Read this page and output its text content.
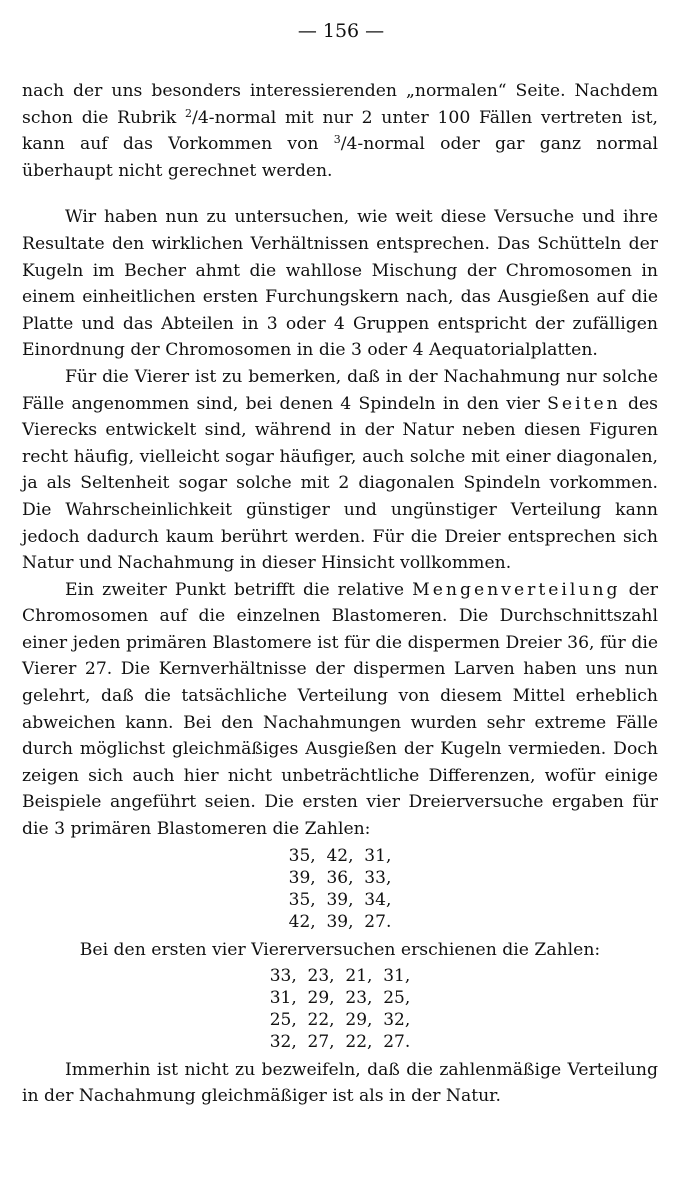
— 156 —

nach der uns besonders interessierenden „normalen“ Seite. Nachdem schon die Rubrik $^2$/4-normal mit nur 2 unter 100 Fällen vertreten ist, kann auf das Vorkommen von $^3$/4-normal oder gar ganz normal überhaupt nicht gerechnet werden.

Wir haben nun zu untersuchen, wie weit diese Versuche und ihre Resultate den wirklichen Verhältnissen entsprechen. Das Schütteln der Kugeln im Becher ahmt die wahllose Mischung der Chromosomen in einem einheitlichen ersten Furchungskern nach, das Ausgießen auf die Platte und das Abteilen in 3 oder 4 Gruppen entspricht der zufälligen Einordnung der Chromosomen in die 3 oder 4 Aequatorialplatten.

Für die Vierer ist zu bemerken, daß in der Nachahmung nur solche Fälle angenommen sind, bei denen 4 Spindeln in den vier Seiten des Vierecks entwickelt sind, während in der Natur neben diesen Figuren recht häufig, vielleicht sogar häufiger, auch solche mit einer diagonalen, ja als Seltenheit sogar solche mit 2 diagonalen Spindeln vorkommen. Die Wahrscheinlichkeit günstiger und ungünstiger Verteilung kann jedoch dadurch kaum berührt werden. Für die Dreier entsprechen sich Natur und Nachahmung in dieser Hinsicht vollkommen.

Ein zweiter Punkt betrifft die relative Mengenverteilung der Chromosomen auf die einzelnen Blastomeren. Die Durchschnittszahl einer jeden primären Blastomere ist für die dispermen Dreier 36, für die Vierer 27. Die Kernverhältnisse der dispermen Larven haben uns nun gelehrt, daß die tatsächliche Verteilung von diesem Mittel erheblich abweichen kann. Bei den Nachahmungen wurden sehr extreme Fälle durch möglichst gleichmäßiges Ausgießen der Kugeln vermieden. Doch zeigen sich auch hier nicht unbeträchtliche Differenzen, wofür einige Beispiele angeführt seien. Die ersten vier Dreierversuche ergaben für die 3 primären Blastomeren die Zahlen:

35,  42,  31,
39,  36,  33,
35,  39,  34,
42,  39,  27.
Bei den ersten vier Viererversuchen erschienen die Zahlen:
33,  23,  21,  31,
31,  29,  23,  25,
25,  22,  29,  32,
32,  27,  22,  27.

Immerhin ist nicht zu bezweifeln, daß die zahlenmäßige Verteilung in der Nachahmung gleichmäßiger ist als in der Natur.
